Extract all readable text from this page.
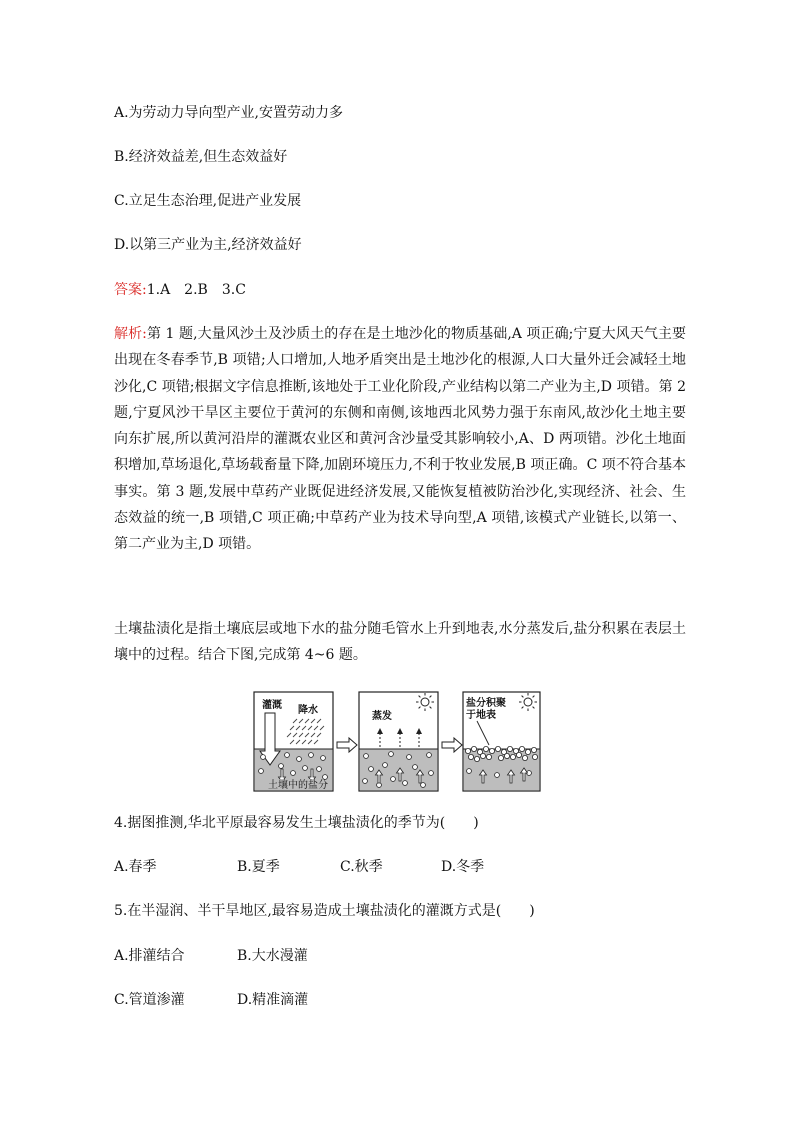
A.为劳动力导向型产业,安置劳动力多
B.经济效益差,但生态效益好
C.立足生态治理,促进产业发展
D.以第三产业为主,经济效益好
答案:1.A　2.B　3.C
解析:第 1 题,大量风沙土及沙质土的存在是土地沙化的物质基础,A 项正确;宁夏大风天气主要出现在冬春季节,B 项错;人口增加,人地矛盾突出是土地沙化的根源,人口大量外迁会减轻土地沙化,C 项错;根据文字信息推断,该地处于工业化阶段,产业结构以第二产业为主,D 项错。第 2 题,宁夏风沙干旱区主要位于黄河的东侧和南侧,该地西北风势力强于东南风,故沙化土地主要向东扩展,所以黄河沿岸的灌溉农业区和黄河含沙量受其影响较小,A、D 两项错。沙化土地面积增加,草场退化,草场载畜量下降,加剧环境压力,不利于牧业发展,B 项正确。C 项不符合基本事实。第 3 题,发展中草药产业既促进经济发展,又能恢复植被防治沙化,实现经济、社会、生态效益的统一,B 项错,C 项正确;中草药产业为技术导向型,A 项错,该模式产业链长,以第一、第二产业为主,D 项错。
土壤盐渍化是指土壤底层或地下水的盐分随毛管水上升到地表,水分蒸发后,盐分积累在表层土壤中的过程。结合下图,完成第 4~6 题。
灌溉 降水
土壤中的盐分
蒸发
盐分积聚
于地表
4.据图推测,华北平原最容易发生土壤盐渍化的季节为(　　)
A.春季	B.夏季	C.秋季	D.冬季
5.在半湿润、半干旱地区,最容易造成土壤盐渍化的灌溉方式是(　　)
A.排灌结合	B.大水漫灌
C.管道渗灌	D.精准滴灌
